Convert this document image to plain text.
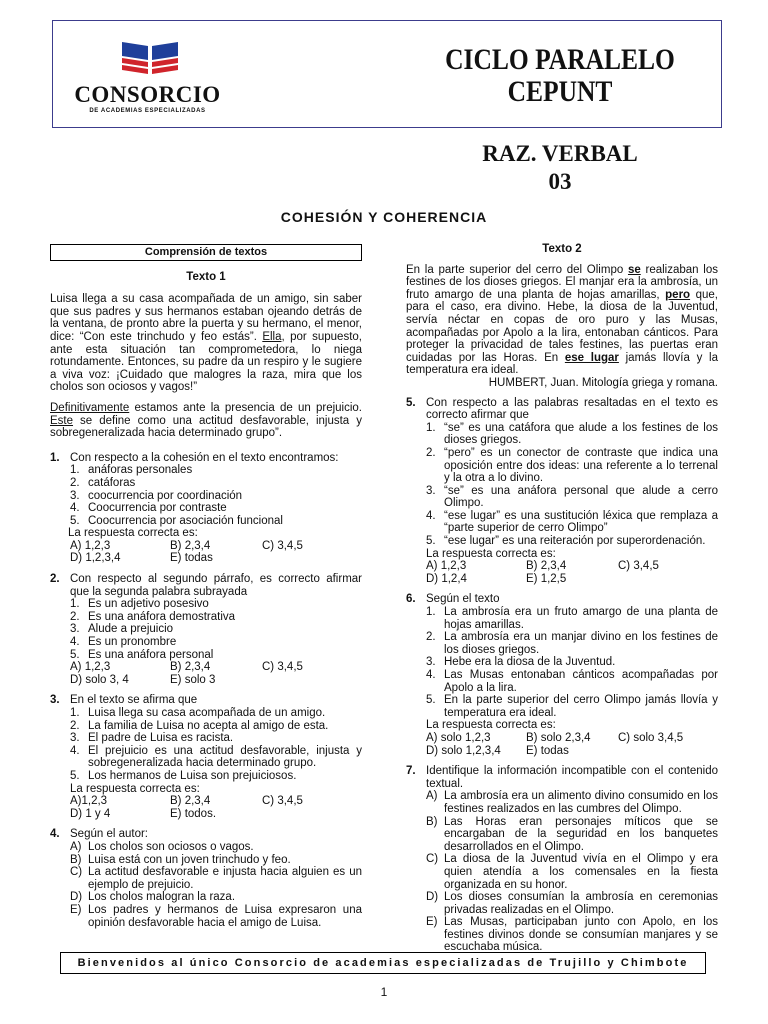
CONSORCIO
DE ACADEMIAS ESPECIALIZADAS
CICLO PARALELO
CEPUNT
RAZ. VERBAL
03
COHESIÓN Y COHERENCIA
Comprensión de textos
Texto 1

Luisa llega a su casa acompañada de un amigo, sin saber que sus padres y sus hermanos estaban ojeando detrás de la ventana, de pronto abre la puerta y su hermano, el menor, dice: “Con este trinchudo y feo estás”. Ella, por supuesto, ante esta situación tan comprometedora, lo niega rotundamente. Entonces, su padre da un respiro y le sugiere a viva voz: ¡Cuidado que malogres la raza, mira que los cholos son ociosos y vagos!”

Definitivamente estamos ante la presencia de un prejuicio. Este se define como una actitud desfavorable, injusta y sobregeneralizada hacia determinado grupo”.

1. Con respecto a la cohesión en el texto encontramos:
1. anáforas personales
2. catáforas
3. coocurrencia por coordinación
4. Coocurrencia por contraste
5. Coocurrencia por asociación funcional
La respuesta correcta es:
A) 1,2,3	B) 2,3,4	C) 3,4,5
D) 1,2,3,4	E) todas
2. Con respecto al segundo párrafo, es correcto afirmar que la segunda palabra subrayada
1. Es un adjetivo posesivo
2. Es una anáfora demostrativa
3. Alude a prejuicio
4. Es un pronombre
5. Es una anáfora personal
A) 1,2,3	B) 2,3,4	C) 3,4,5
D) solo 3, 4	E) solo 3
3. En el texto se afirma que
1. Luisa llega su casa acompañada de un amigo.
2. La familia de Luisa no acepta al amigo de esta.
3. El padre de Luisa es racista.
4. El prejuicio es una actitud desfavorable, injusta y sobregeneralizada hacia determinado grupo.
5. Los hermanos de Luisa son prejuiciosos.
La respuesta correcta es:
A)1,2,3	B) 2,3,4	C) 3,4,5
D) 1 y 4	E) todos.
4. Según el autor:
A) Los cholos son ociosos o vagos.
B) Luisa está con un joven trinchudo y feo.
C) La actitud desfavorable e injusta hacia alguien es un ejemplo de prejuicio.
D) Los cholos malogran la raza.
E) Los padres y hermanos de Luisa expresaron una opinión desfavorable hacia el amigo de Luisa.
Texto 2

En la parte superior del cerro del Olimpo se realizaban los festines de los dioses griegos. El manjar era la ambrosía, un fruto amargo de una planta de hojas amarillas, pero que, para el caso, era divino. Hebe, la diosa de la Juventud, servía néctar en copas de oro puro y las Musas, acompañadas por Apolo a la lira, entonaban cánticos. Para proteger la privacidad de tales festines, las puertas eran cuidadas por las Horas. En ese lugar jamás llovía y la temperatura era ideal.

HUMBERT, Juan. Mitología griega y romana.
5. Con respecto a las palabras resaltadas en el texto es correcto afirmar que
1. “se” es una catáfora que alude a los festines de los dioses griegos.
2. “pero” es un conector de contraste que indica una oposición entre dos ideas: una referente a lo terrenal y la otra a lo divino.
3. “se” es una anáfora personal que alude a cerro Olimpo.
4. “ese lugar” es una sustitución léxica que remplaza a “parte superior de cerro Olimpo”
5. “ese lugar” es una reiteración por superordenación.
La respuesta correcta es:
A) 1,2,3	B) 2,3,4	C) 3,4,5
D) 1,2,4	E) 1,2,5
6. Según el texto
1. La ambrosía era un fruto amargo de una planta de hojas amarillas.
2. La ambrosía era un manjar divino en los festines de los dioses griegos.
3. Hebe era la diosa de la Juventud.
4. Las Musas entonaban cánticos acompañadas por Apolo a la lira.
5. En la parte superior del cerro Olimpo jamás llovía y temperatura era ideal.
La respuesta correcta es:
A) solo 1,2,3	B) solo 2,3,4	C) solo 3,4,5
D) solo 1,2,3,4	E) todas
7. Identifique la información incompatible con el contenido textual.
A) La ambrosía era un alimento divino consumido en los festines realizados en las cumbres del Olimpo.
B) Las Horas eran personajes míticos que se encargaban de la seguridad en los banquetes desarrollados en el Olimpo.
C) La diosa de la Juventud vivía en el Olimpo y era quien atendía a los comensales en la fiesta organizada en su honor.
D) Los dioses consumían la ambrosía en ceremonias privadas realizadas en el Olimpo.
E) Las Musas, participaban junto con Apolo, en los festines divinos donde se consumían manjares y se escuchaba música.
Bienvenidos al único Consorcio de academias especializadas de Trujillo y Chimbote
1
